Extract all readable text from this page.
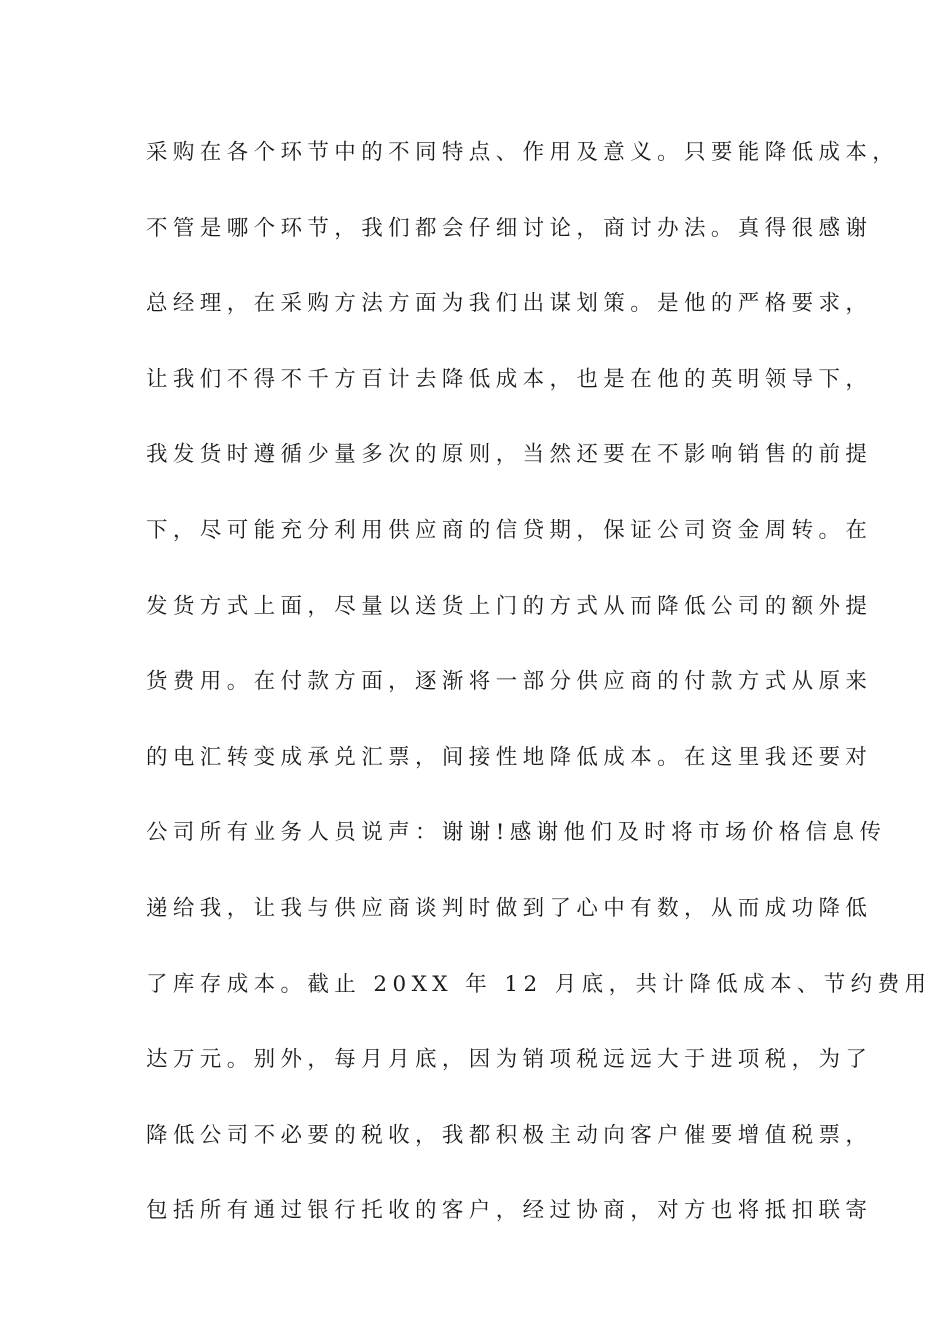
采购在各个环节中的不同特点、作用及意义。只要能降低成本，
不管是哪个环节，我们都会仔细讨论，商讨办法。真得很感谢
总经理，在采购方法方面为我们出谋划策。是他的严格要求，
让我们不得不千方百计去降低成本，也是在他的英明领导下，
我发货时遵循少量多次的原则，当然还要在不影响销售的前提
下，尽可能充分利用供应商的信贷期，保证公司资金周转。在
发货方式上面，尽量以送货上门的方式从而降低公司的额外提
货费用。在付款方面，逐渐将一部分供应商的付款方式从原来
的电汇转变成承兑汇票，间接性地降低成本。在这里我还要对
公司所有业务人员说声：谢谢!感谢他们及时将市场价格信息传
递给我，让我与供应商谈判时做到了心中有数，从而成功降低
了库存成本。截止 20XX 年 12 月底，共计降低成本、节约费用
达万元。别外，每月月底，因为销项税远远大于进项税，为了
降低公司不必要的税收，我都积极主动向客户催要增值税票，
包括所有通过银行托收的客户，经过协商，对方也将抵扣联寄
